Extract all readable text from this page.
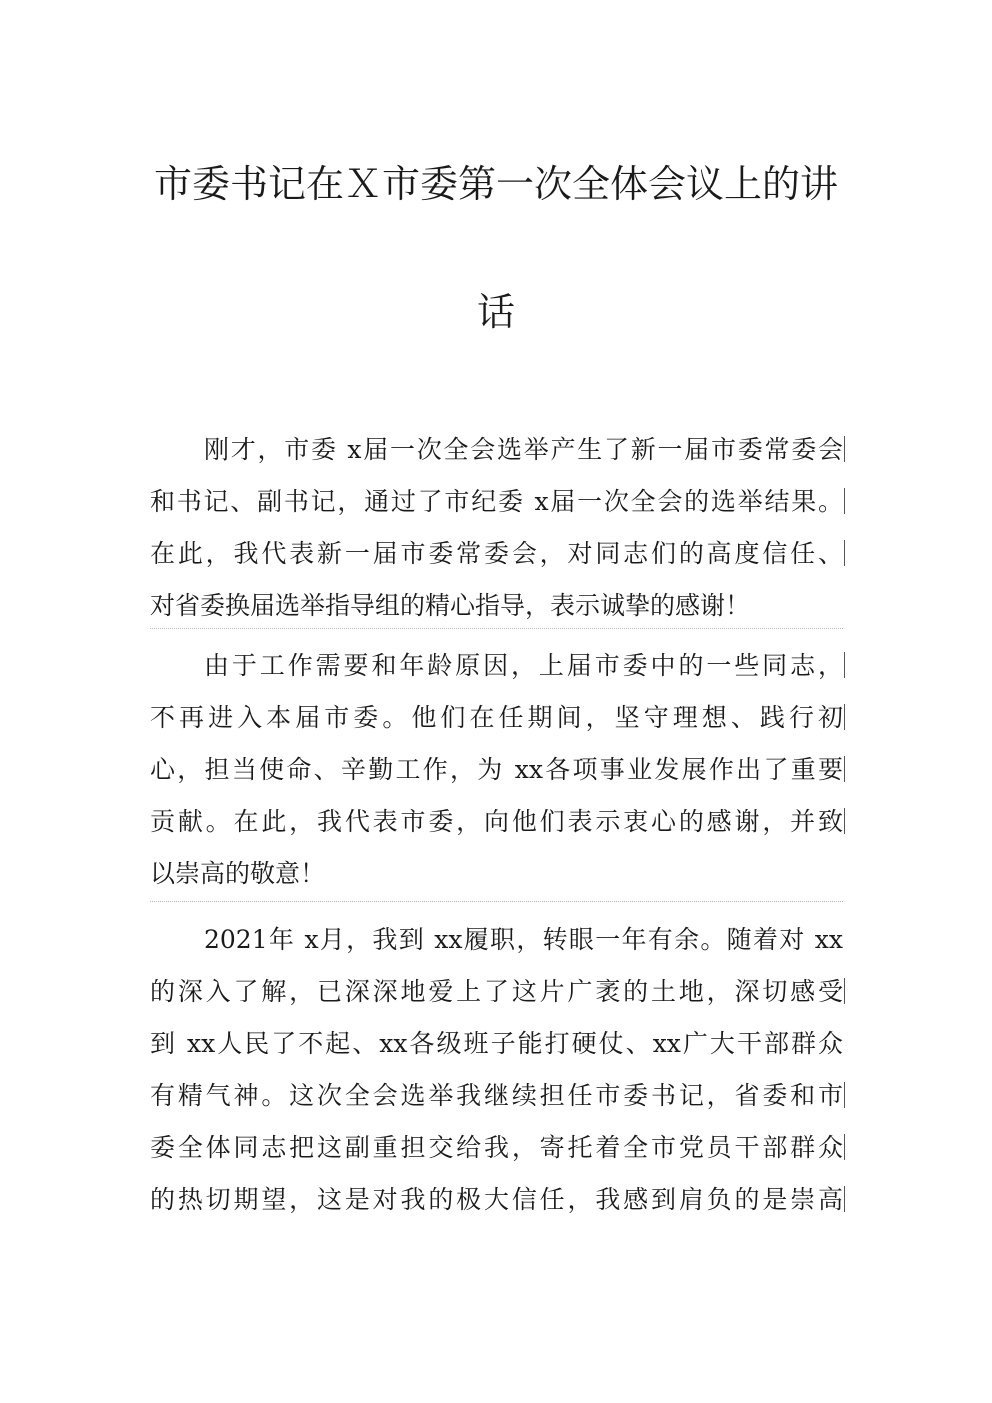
市委书记在Ｘ市委第一次全体会议上的讲
话
刚才，市委 x届一次全会选举产生了新一届市委常委会
和书记、副书记，通过了市纪委 x届一次全会的选举结果。
在此，我代表新一届市委常委会，对同志们的高度信任、
对省委换届选举指导组的精心指导，表示诚挚的感谢！
由于工作需要和年龄原因，上届市委中的一些同志，
不再进入本届市委。他们在任期间，坚守理想、践行初
心，担当使命、辛勤工作，为 xx各项事业发展作出了重要
贡献。在此，我代表市委，向他们表示衷心的感谢，并致
以崇高的敬意！
2021年 x月，我到 xx履职，转眼一年有余。随着对 xx
的深入了解，已深深地爱上了这片广袤的土地，深切感受
到 xx人民了不起、xx各级班子能打硬仗、xx广大干部群众
有精气神。这次全会选举我继续担任市委书记，省委和市
委全体同志把这副重担交给我，寄托着全市党员干部群众
的热切期望，这是对我的极大信任，我感到肩负的是崇高
